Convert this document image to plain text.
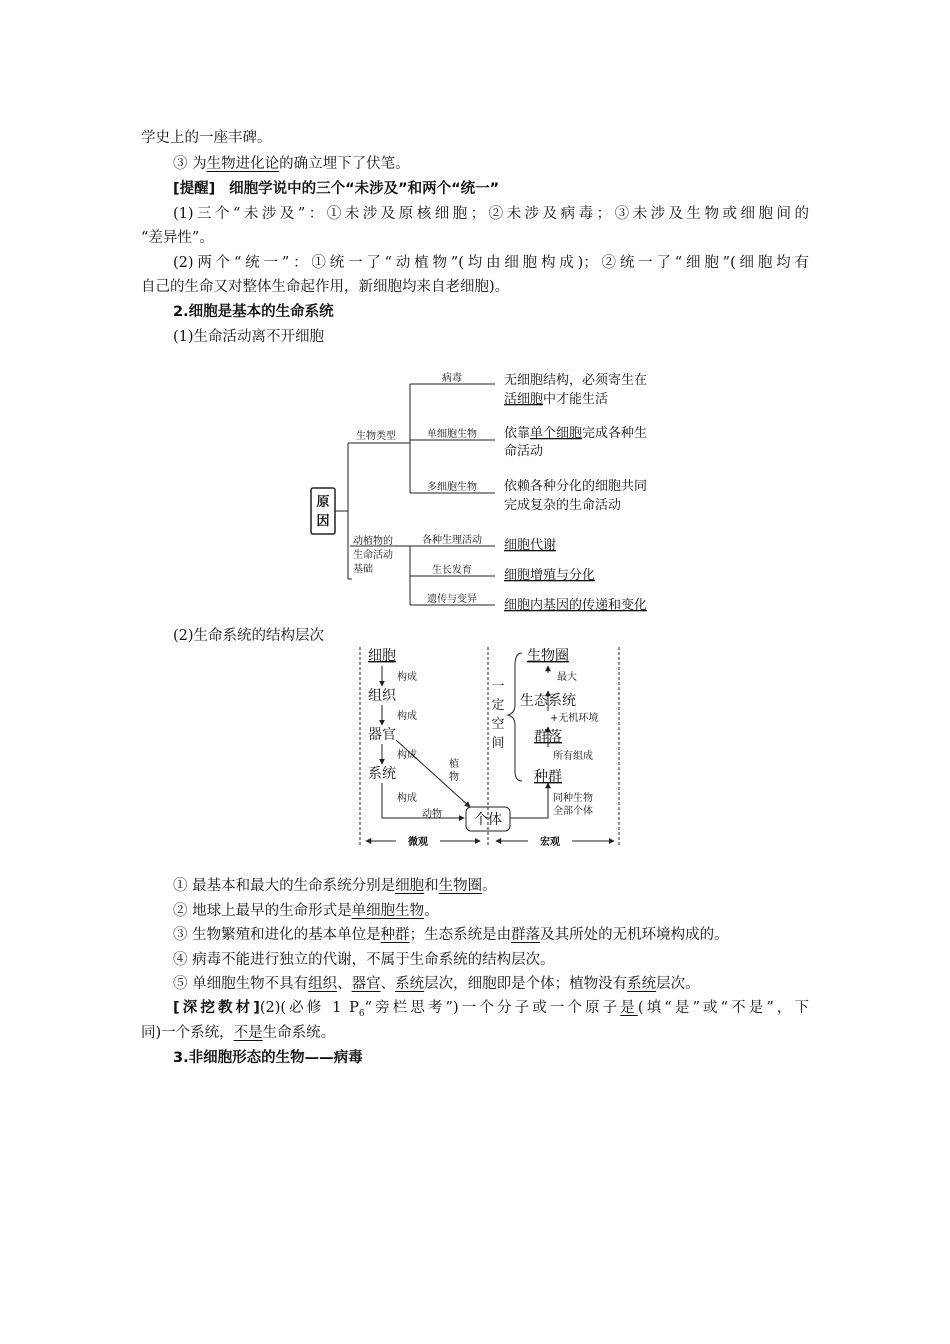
学史上的一座丰碑。
③ 为生物进化论的确立埋下了伏笔。
[提醒] 细胞学说中的三个“未涉及”和两个“统一”
(1)三个“未涉及”：①未涉及原核细胞；②未涉及病毒；③未涉及生物或细胞间的
“差异性”。
(2)两个“统一”：①统一了“动植物”(均由细胞构成)；②统一了“细胞”(细胞均有
自己的生命又对整体生命起作用，新细胞均来自老细胞)。
2.细胞是基本的生命系统
(1)生命活动离不开细胞
原
因
生物类型
动植物的
生命活动
基础
病毒
单细胞生物
多细胞生物
各种生理活动
生长发育
遗传与变异
无细胞结构，必须寄生在
活细胞中才能生活
依靠单个细胞完成各种生
命活动
依赖各种分化的细胞共同
完成复杂的生命活动
细胞代谢
细胞增殖与分化
细胞内基因的传递和变化
(2)生命系统的结构层次
细胞
组织
器官
系统
构成
构成
构成
构成
植
物
动物 个体
生物圈
生态系统
群落
种群
最大
+无机环境
所有组成
同种生物
全部个体
一
定
空
间
微观	宏观
① 最基本和最大的生命系统分别是细胞和生物圈。
② 地球上最早的生命形式是单细胞生物。
③ 生物繁殖和进化的基本单位是种群；生态系统是由群落及其所处的无机环境构成的。
④ 病毒不能进行独立的代谢，不属于生命系统的结构层次。
⑤ 单细胞生物不具有组织、器官、系统层次，细胞即是个体；植物没有系统层次。
[深挖教材](2)(必修 1 $P_6“$旁栏思考”)一个分子或一个原子是(填“是”或“不是”，下
同)一个系统，不是生命系统。
3.非细胞形态的生物——病毒
